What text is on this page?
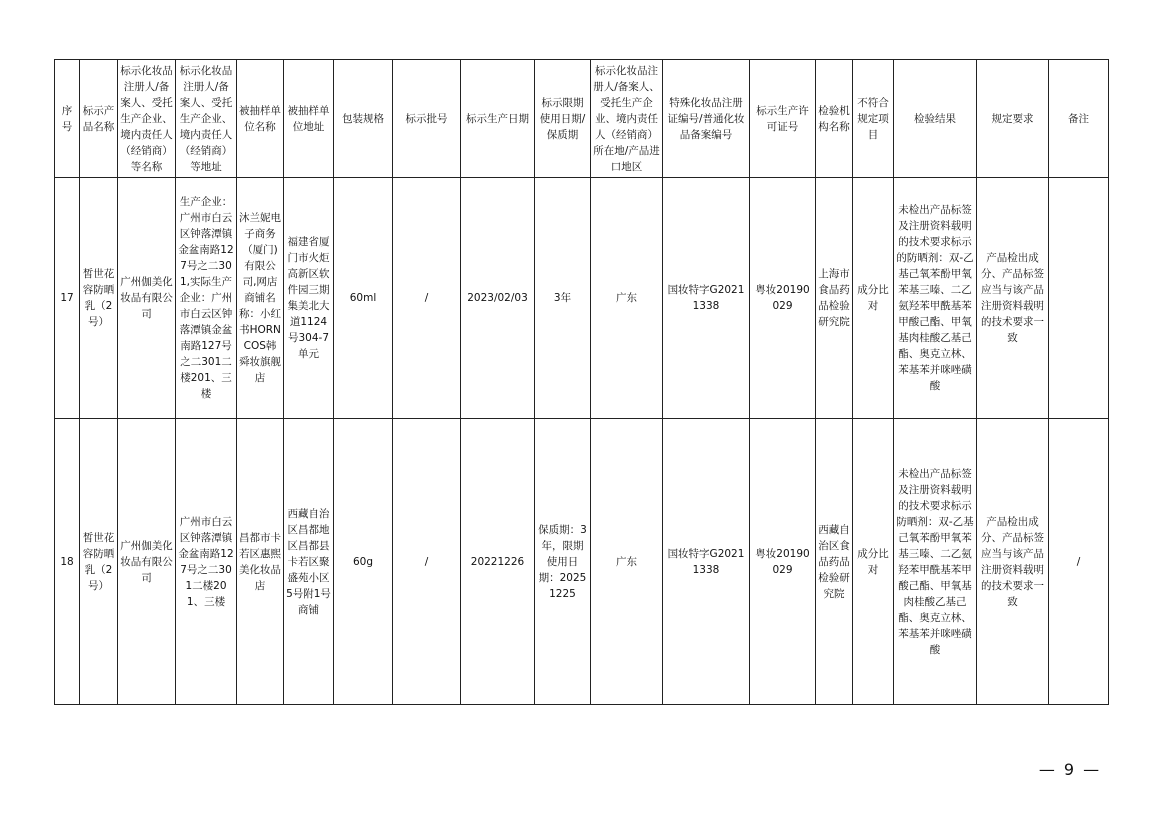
序号	标示产品名称	标示化妆品注册人/备案人、受托生产企业、境内责任人（经销商）等名称	标示化妆品注册人/备案人、受托生产企业、境内责任人（经销商）等地址	被抽样单位名称	被抽样单位地址	包装规格	标示批号	标示生产日期	标示限期使用日期/保质期	标示化妆品注册人/备案人、受托生产企业、境内责任人（经销商）所在地/产品进口地区	特殊化妆品注册证编号/普通化妆品备案编号	标示生产许可证号	检验机构名称	不符合规定项目	检验结果	规定要求	备注
17	皙世花容防晒乳（2号）	广州伽美化妆品有限公司	生产企业：广州市白云区钟落潭镇金盆南路127号之二301,实际生产企业：广州市白云区钟落潭镇金盆南路127号之二301二楼201、三楼	沐兰妮电子商务（厦门)有限公司,网店商铺名称：小红书HORNCOS韩舜妆旗舰店	福建省厦门市火炬高新区软件园三期集美北大道1124号304-7单元	60ml	/	2023/02/03	3年	广东	国妆特字G20211338	粤妆20190029	上海市食品药品检验研究院	成分比对	未检出产品标签及注册资料载明的技术要求标示的防晒剂：双-乙基己氧苯酚甲氧苯基三嗪、二乙氨羟苯甲酰基苯甲酸己酯、甲氧基肉桂酸乙基己酯、奥克立林、苯基苯并咪唑磺酸	产品检出成分、产品标签应当与该产品注册资料载明的技术要求一致	
18	皙世花容防晒乳（2号）	广州伽美化妆品有限公司	广州市白云区钟落潭镇金盆南路127号之二301二楼201、三楼	昌都市卡若区惠熙美化妆品店	西藏自治区昌都地区昌都县卡若区聚盛苑小区5号附1号商铺	60g	/	20221226	保质期：3年，限期使用日期：20251225	广东	国妆特字G20211338	粤妆20190029	西藏自治区食品药品检验研究院	成分比对	未检出产品标签及注册资料载明的技术要求标示防晒剂：双-乙基己氧苯酚甲氧苯基三嗪、二乙氨羟苯甲酰基苯甲酸己酯、甲氧基肉桂酸乙基己酯、奥克立林、苯基苯并咪唑磺酸	产品检出成分、产品标签应当与该产品注册资料载明的技术要求一致	/
— 9 —
